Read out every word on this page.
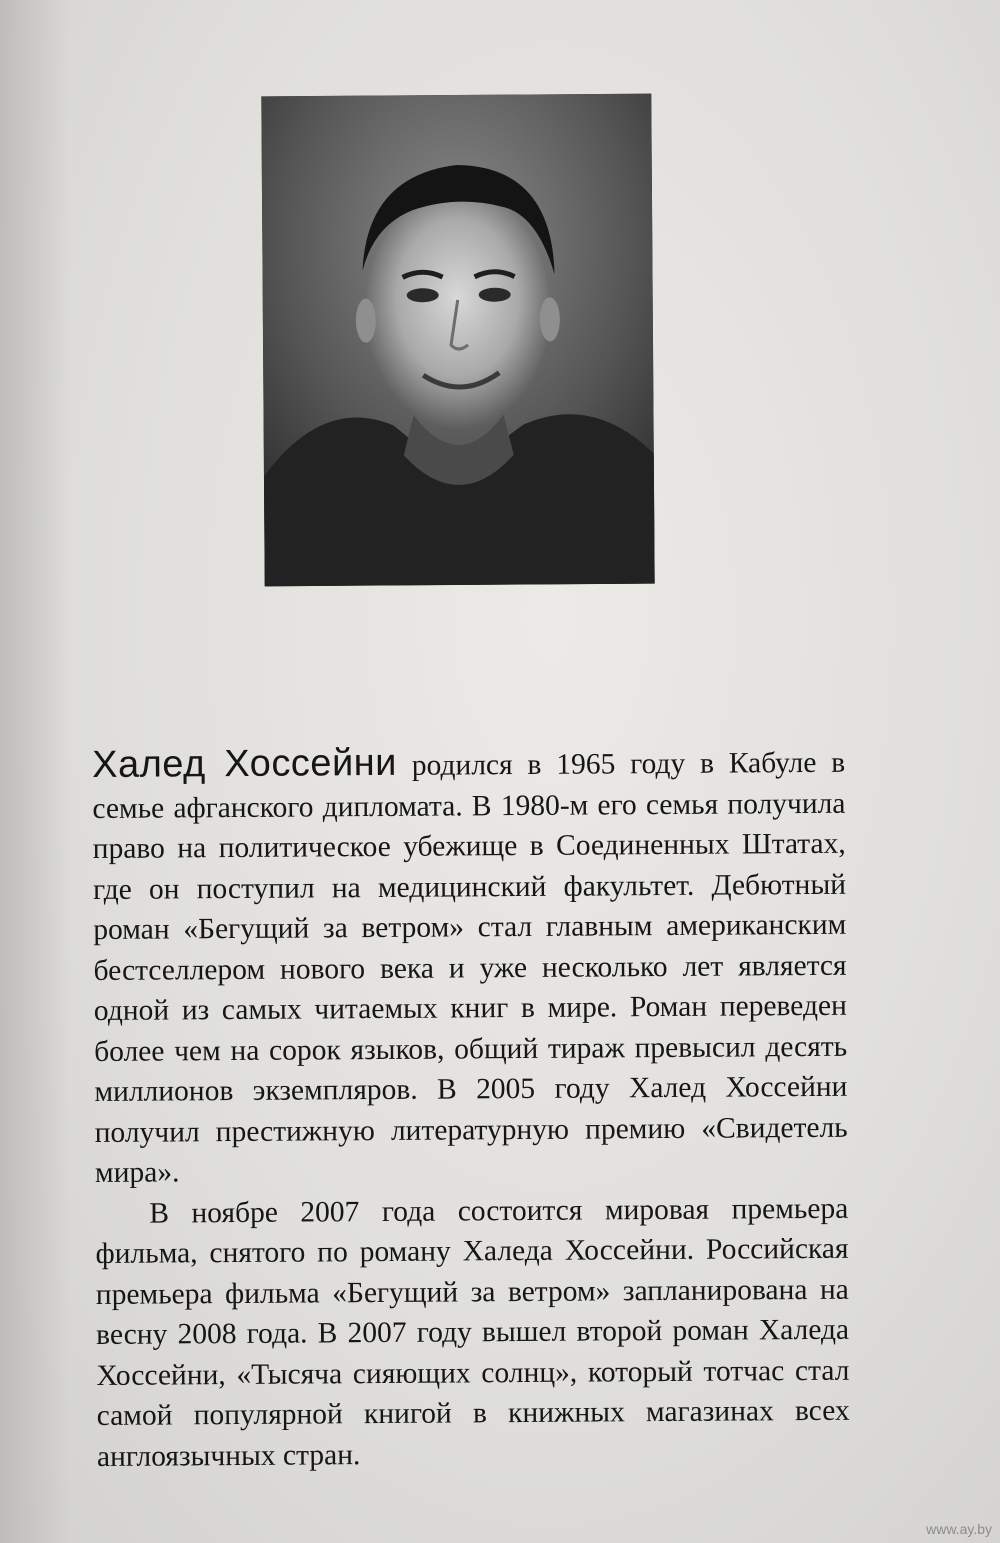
Халед Хоссейни родился в 1965 году в Кабуле в семье афганского дипломата. В 1980-м его семья получила право на политическое убежище в Соединенных Штатах, где он поступил на медицинский факультет. Дебютный роман «Бегущий за ветром» стал главным американским бестселлером нового века и уже несколько лет является одной из самых читаемых книг в мире. Роман переведен более чем на сорок языков, общий тираж превысил десять миллионов экземпляров. В 2005 году Халед Хоссейни получил престижную литературную премию «Свидетель мира».

В ноябре 2007 года состоится мировая премьера фильма, снятого по роману Халеда Хоссейни. Российская премьера фильма «Бегущий за ветром» запланирована на весну 2008 года. В 2007 году вышел второй роман Халеда Хоссейни, «Тысяча сияющих солнц», который тотчас стал самой популярной книгой в книжных магазинах всех англоязычных стран.

www.ay.by
